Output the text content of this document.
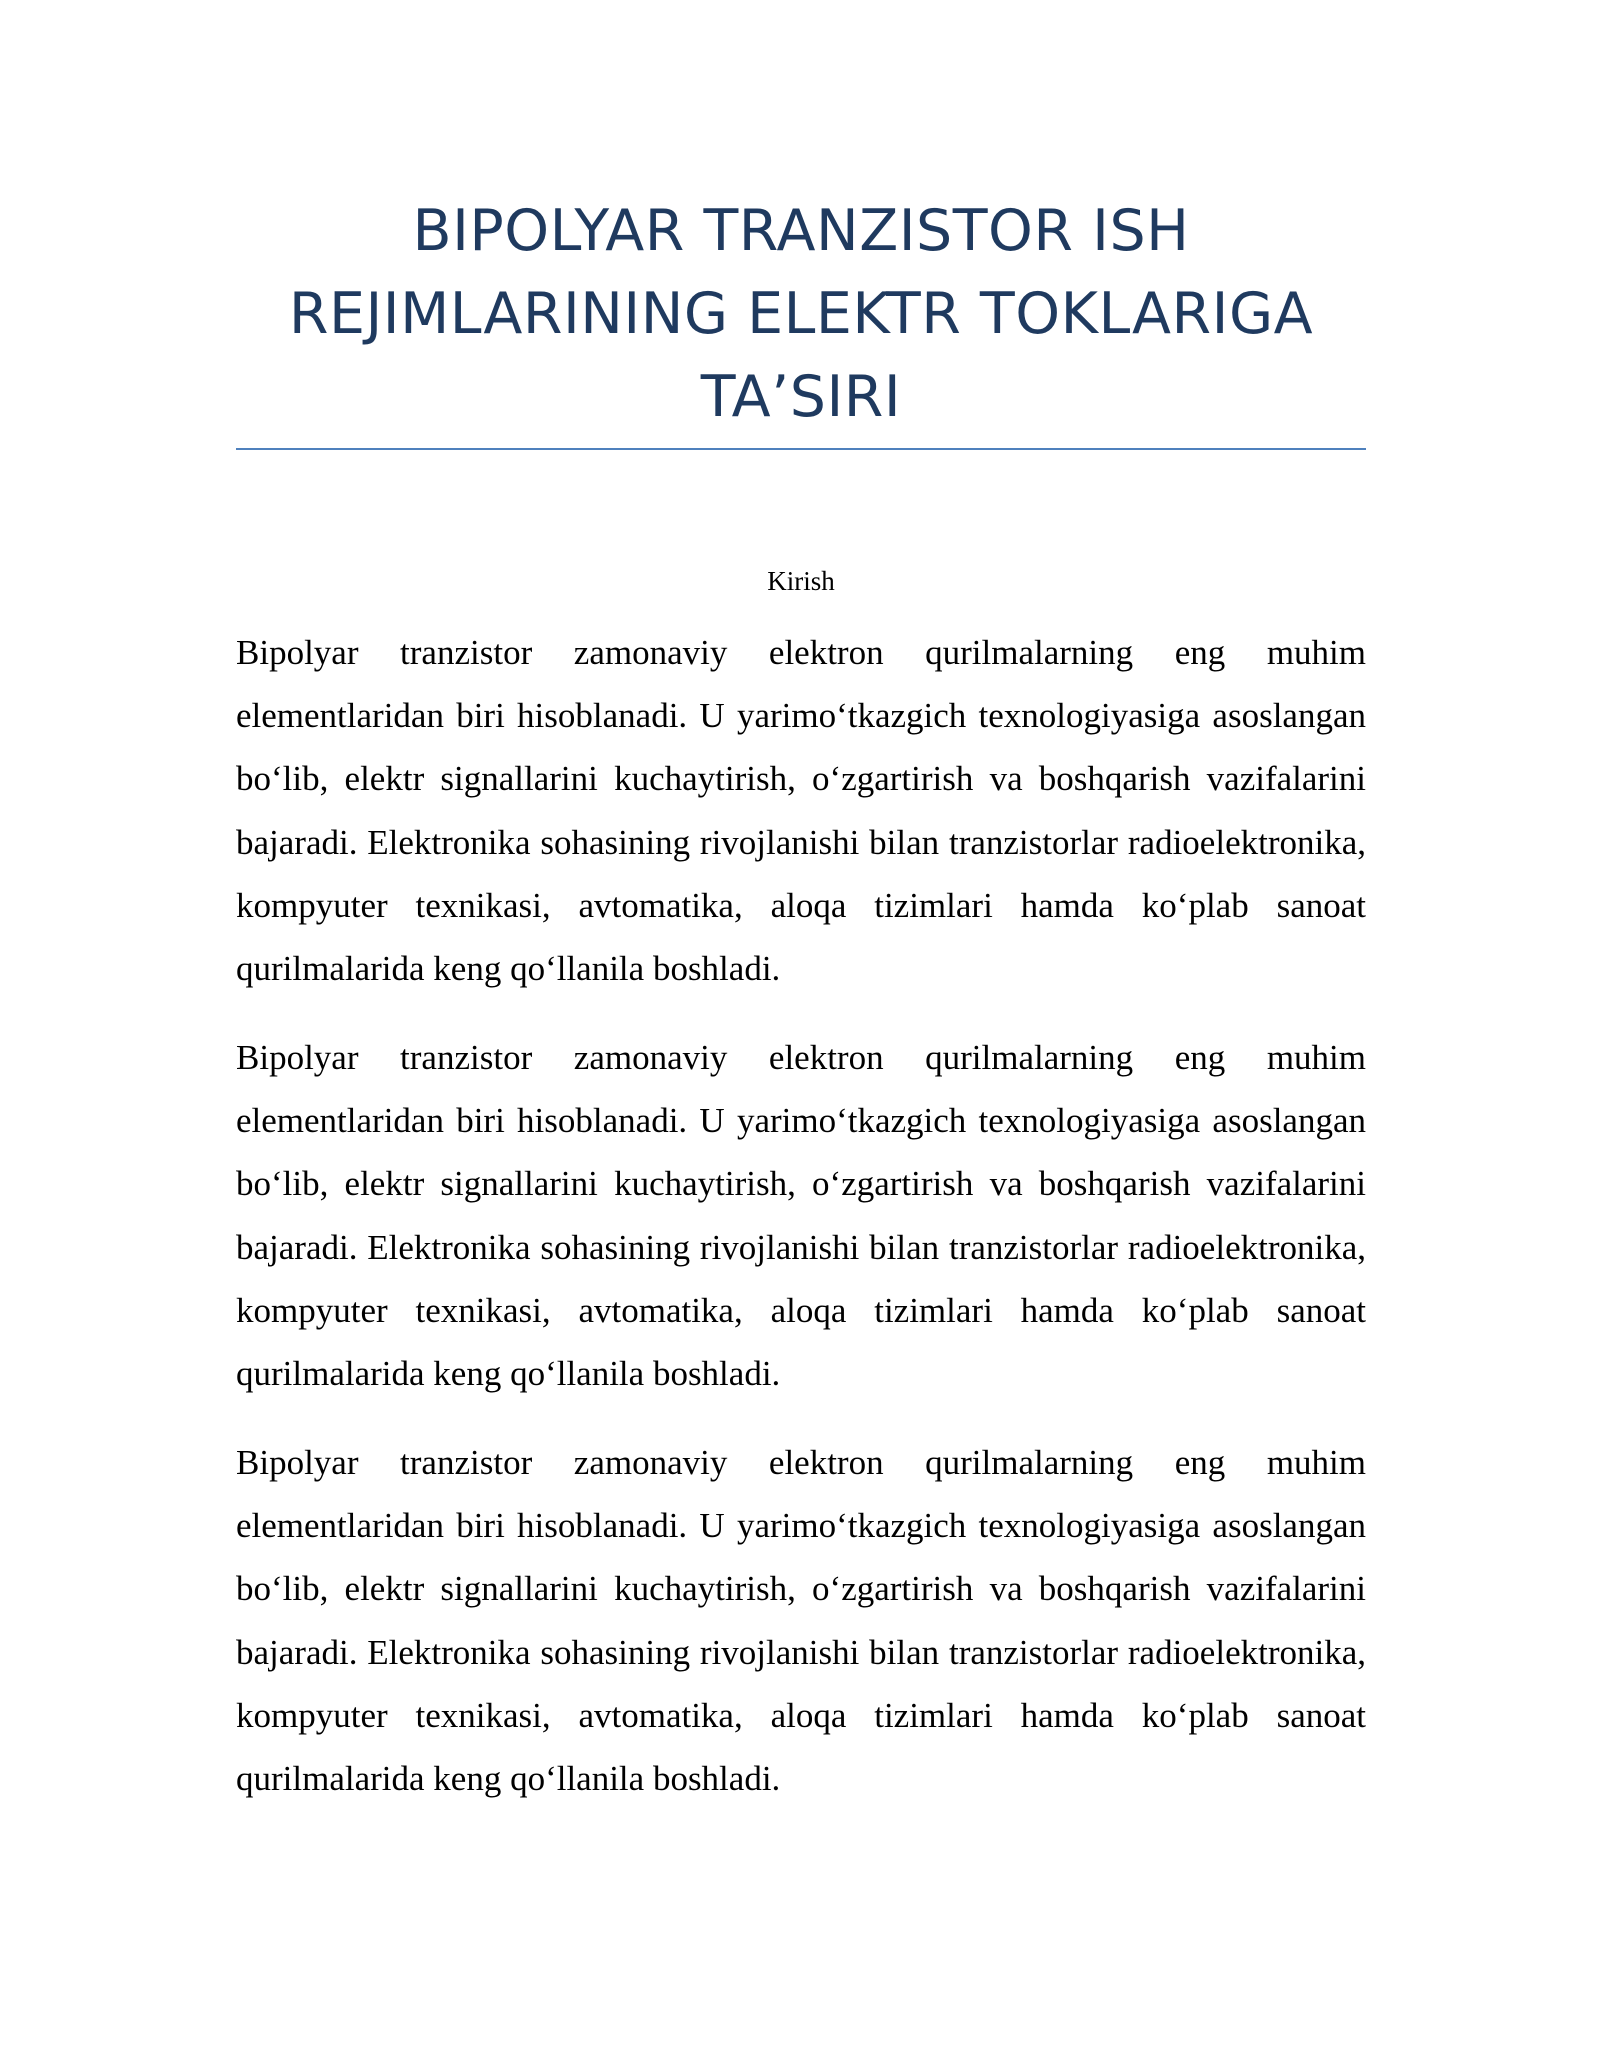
BIPOLYAR TRANZISTOR ISH REJIMLARINING ELEKTR TOKLARIGA TA’SIRI
Kirish

Bipolyar tranzistor zamonaviy elektron qurilmalarning eng muhim elementlaridan biri hisoblanadi. U yarimo‘tkazgich texnologiyasiga asoslangan bo‘lib, elektr signallarini kuchaytirish, o‘zgartirish va boshqarish vazifalarini bajaradi. Elektronika sohasining rivojlanishi bilan tranzistorlar radioelektronika, kompyuter texnikasi, avtomatika, aloqa tizimlari hamda ko‘plab sanoat qurilmalarida keng qo‘llanila boshladi.

Bipolyar tranzistor zamonaviy elektron qurilmalarning eng muhim elementlaridan biri hisoblanadi. U yarimo‘tkazgich texnologiyasiga asoslangan bo‘lib, elektr signallarini kuchaytirish, o‘zgartirish va boshqarish vazifalarini bajaradi. Elektronika sohasining rivojlanishi bilan tranzistorlar radioelektronika, kompyuter texnikasi, avtomatika, aloqa tizimlari hamda ko‘plab sanoat qurilmalarida keng qo‘llanila boshladi.

Bipolyar tranzistor zamonaviy elektron qurilmalarning eng muhim elementlaridan biri hisoblanadi. U yarimo‘tkazgich texnologiyasiga asoslangan bo‘lib, elektr signallarini kuchaytirish, o‘zgartirish va boshqarish vazifalarini bajaradi. Elektronika sohasining rivojlanishi bilan tranzistorlar radioelektronika, kompyuter texnikasi, avtomatika, aloqa tizimlari hamda ko‘plab sanoat qurilmalarida keng qo‘llanila boshladi.
